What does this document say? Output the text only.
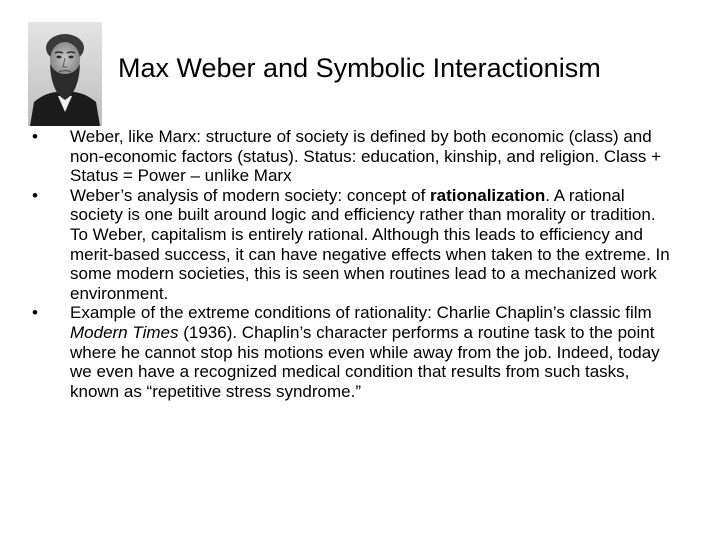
Max Weber and Symbolic Interactionism
• Weber, like Marx: structure of society is defined by both economic (class) and non-economic factors (status). Status: education, kinship, and religion. Class + Status = Power – unlike Marx
• Weber’s analysis of modern society: concept of rationalization. A rational society is one built around logic and efficiency rather than morality or tradition. To Weber, capitalism is entirely rational. Although this leads to efficiency and merit-based success, it can have negative effects when taken to the extreme. In some modern societies, this is seen when routines lead to a mechanized work environment.
• Example of the extreme conditions of rationality: Charlie Chaplin’s classic film Modern Times (1936). Chaplin’s character performs a routine task to the point where he cannot stop his motions even while away from the job. Indeed, today we even have a recognized medical condition that results from such tasks, known as “repetitive stress syndrome.”
